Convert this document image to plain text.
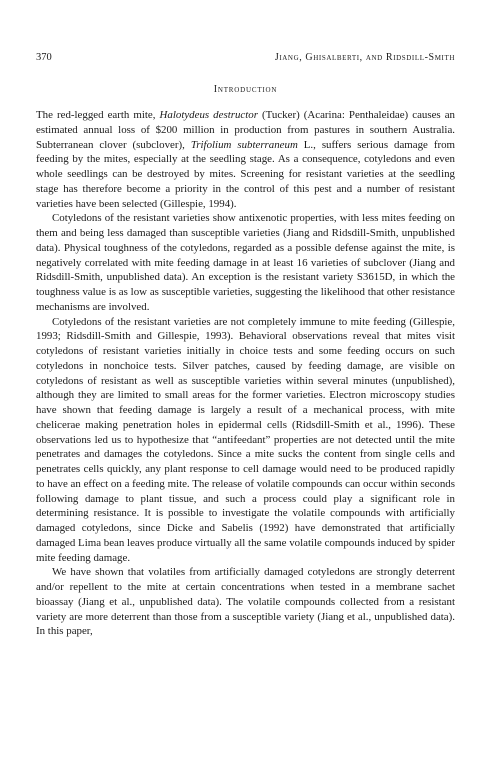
370	Jiang, Ghisalberti, and Ridsdill-Smith
Introduction

The red-legged earth mite, Halotydeus destructor (Tucker) (Acarina: Penthaleidae) causes an estimated annual loss of $200 million in production from pastures in southern Australia. Subterranean clover (subclover), Trifolium subterraneum L., suffers serious damage from feeding by the mites, especially at the seedling stage. As a consequence, cotyledons and even whole seedlings can be destroyed by mites. Screening for resistant varieties at the seedling stage has therefore become a priority in the control of this pest and a number of resistant varieties have been selected (Gillespie, 1994).

Cotyledons of the resistant varieties show antixenotic properties, with less mites feeding on them and being less damaged than susceptible varieties (Jiang and Ridsdill-Smith, unpublished data). Physical toughness of the cotyledons, regarded as a possible defense against the mite, is negatively correlated with mite feeding damage in at least 16 varieties of subclover (Jiang and Ridsdill-Smith, unpublished data). An exception is the resistant variety S3615D, in which the toughness value is as low as susceptible varieties, suggesting the likelihood that other resistance mechanisms are involved.

Cotyledons of the resistant varieties are not completely immune to mite feeding (Gillespie, 1993; Ridsdill-Smith and Gillespie, 1993). Behavioral observations reveal that mites visit cotyledons of resistant varieties initially in choice tests and some feeding occurs on such cotyledons in nonchoice tests. Silver patches, caused by feeding damage, are visible on cotyledons of resistant as well as susceptible varieties within several minutes (unpublished), although they are limited to small areas for the former varieties. Electron microscopy studies have shown that feeding damage is largely a result of a mechanical process, with mite chelicerae making penetration holes in epidermal cells (Ridsdill-Smith et al., 1996). These observations led us to hypothesize that “antifeedant” properties are not detected until the mite penetrates and damages the cotyledons. Since a mite sucks the content from single cells and penetrates cells quickly, any plant response to cell damage would need to be produced rapidly to have an effect on a feeding mite. The release of volatile compounds can occur within seconds following damage to plant tissue, and such a process could play a significant role in determining resistance. It is possible to investigate the volatile compounds with artificially damaged cotyledons, since Dicke and Sabelis (1992) have demonstrated that artificially damaged Lima bean leaves produce virtually all the same volatile compounds induced by spider mite feeding damage.

We have shown that volatiles from artificially damaged cotyledons are strongly deterrent and/or repellent to the mite at certain concentrations when tested in a membrane sachet bioassay (Jiang et al., unpublished data). The volatile compounds collected from a resistant variety are more deterrent than those from a susceptible variety (Jiang et al., unpublished data). In this paper,
